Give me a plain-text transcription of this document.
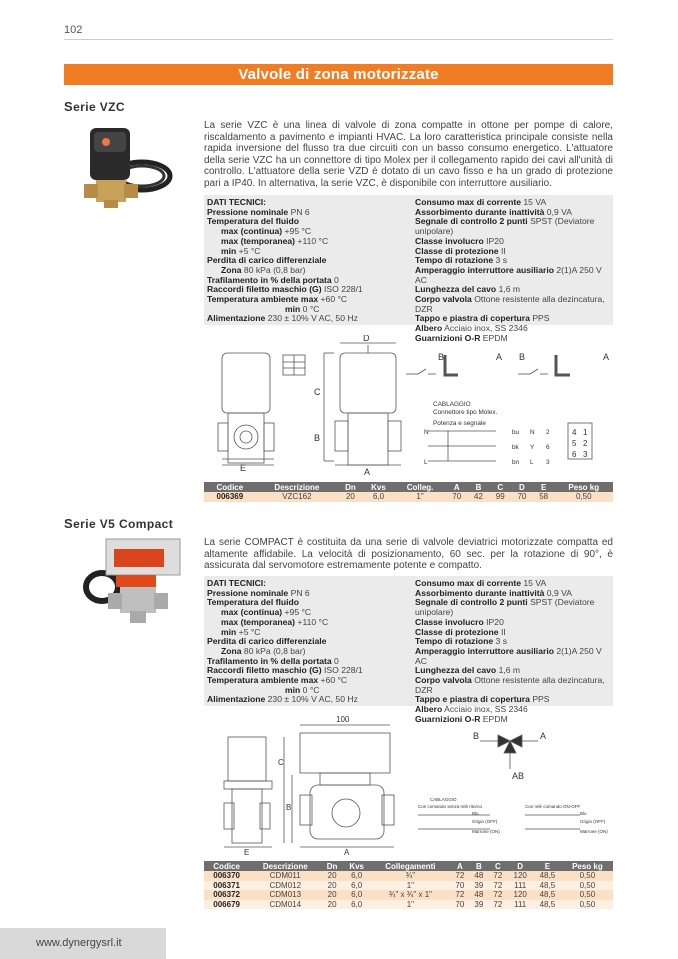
102
Valvole di zona motorizzate
Serie VZC
La serie VZC è una linea di valvole di zona compatte in ottone per pompe di calore, riscaldamento a pavimento e impianti HVAC. La loro caratteristica principale consiste nella rapida inversione del flusso tra due circuiti con un basso consumo energetico. L'attuatore della serie VZC ha un connettore di tipo Molex per il collegamento rapido dei cavi all'unità di controllo. L'attuatore della serie VZD è dotato di un cavo fisso e ha un grado di protezione pari a IP40. In alternativa, la serie VZC, è disponibile con interruttore ausiliario.
DATI TECNICI:
Pressione nominale PN 6
Temperatura del fluido
max (continua) +95 °C
max (temporanea) +110 °C
min +5 °C
Perdita di carico differenziale
Zona 80 kPa (0,8 bar)
Trafilamento in % della portata 0
Raccordi filetto maschio (G) ISO 228/1
Temperatura ambiente max +60 °C
min 0 °C
Alimentazione 230 ± 10% V AC, 50 Hz
Consumo max di corrente 15 VA
Assorbimento durante inattività 0,9 VA
Segnale di controllo 2 punti SPST (Deviatore unipolare)
Classe involucro IP20
Classe di protezione II
Tempo di rotazione 3 s
Amperaggio interruttore ausiliario 2(1)A 250 V AC
Lunghezza del cavo 1,6 m
Corpo valvola Ottone resistente alla dezincatura, DZR
Tappo e piastra di copertura PPS
Albero Acciaio inox, SS 2346
Guarnizioni O-R EPDM
E
D
C
B
A
B	A B	A
CABLAGGIO
Connettore tipo Molex.
Potenza e segnale
N
L
bu
bk
bn
N
Y
L
2
6
3
4 1
5 2
6 3
Codice	Descrizione	Dn	Kvs	Colleg.	A	B	C	D	E	Peso kg
006369	VZC162	20	6,0	1"	70	42	99	70	58	0,50
Serie V5 Compact
La serie COMPACT è costituita da una serie di valvole deviatrici motorizzate compatta ed altamente affidabile. La velocità di posizionamento, 60 sec. per la rotazione di 90°, è assicurata dal servomotore estremamente potente e compatto.
DATI TECNICI:
Pressione nominale PN 6
Temperatura del fluido
max (continua) +95 °C
max (temporanea) +110 °C
min +5 °C
Perdita di carico differenziale
Zona 80 kPa (0,8 bar)
Trafilamento in % della portata 0
Raccordi filetto maschio (G) ISO 228/1
Temperatura ambiente max +60 °C
min 0 °C
Alimentazione 230 ± 10% V AC, 50 Hz
Consumo max di corrente 15 VA
Assorbimento durante inattività 0,9 VA
Segnale di controllo 2 punti SPST (Deviatore unipolare)
Classe involucro IP20
Classe di protezione II
Tempo di rotazione 3 s
Amperaggio interruttore ausiliario 2(1)A 250 V AC
Lunghezza del cavo 1,6 m
Corpo valvola Ottone resistente alla dezincatura, DZR
Tappo e piastra di copertura PPS
Albero Acciaio inox, SS 2346
Guarnizioni O-R EPDM
100
C
B
E	A
B	A
AB
CABLAGGIO
Con comando senza relè ritorno	Con relè comando ON-OFF
Blu
Grigio (OFF)
Marrone (ON)
Blu
Grigio (OFF)
Marrone (ON)
Codice	Descrizione	Dn	Kvs	Collegamenti	A	B	C	D	E	Peso kg
006370	CDM011	20	6,0	¾"	72	48	72	120	48,5	0,50
006371	CDM012	20	6,0	1"	70	39	72	111	48,5	0,50
006372	CDM013	20	6,0	¾" x ¾" x 1"	72	48	72	120	48,5	0,50
006679	CDM014	20	6,0	1"	70	39	72	111	48,5	0,50
www.dynergysrl.it
